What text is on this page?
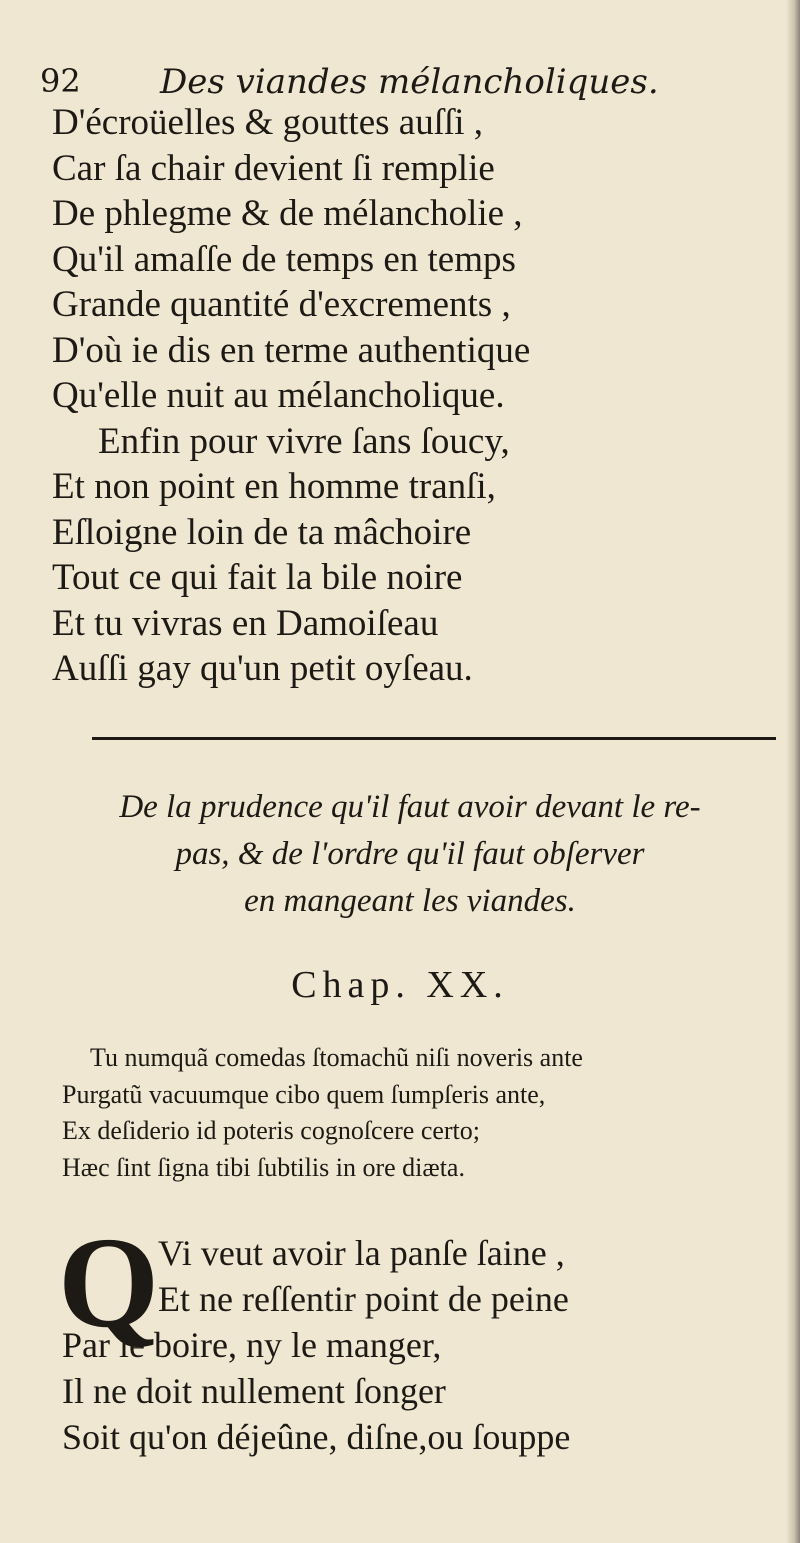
92 Des viandes mélancholiques.
D'écroüelles & gouttes auſſi ,
Car ſa chair devient ſi remplie
De phlegme & de mélancholie ,
Qu'il amaſſe de temps en temps
Grande quantité d'excrements ,
D'où ie dis en terme authentique
Qu'elle nuit au mélancholique.
Enfin pour vivre ſans ſoucy,
Et non point en homme tranſi,
Eſloigne loin de ta mâchoire
Tout ce qui fait la bile noire
Et tu vivras en Damoiſeau
Auſſi gay qu'un petit oyſeau.
De la prudence qu'il faut avoir devant le re-
pas, & de l'ordre qu'il faut obſerver
en mangeant les viandes.
Chap. XX.
Tu numquã comedas ſtomachũ niſi noveris ante
Purgatũ vacuumque cibo quem ſumpſeris ante,
Ex deſiderio id poteris cognoſcere certo;
Hæc ſint ſigna tibi ſubtilis in ore diæta.
Q
Vi veut avoir la panſe ſaine ,
Et ne reſſentir point de peine
Par le boire, ny le manger,
Il ne doit nullement ſonger
Soit qu'on déjeûne, diſne,ou ſouppe
